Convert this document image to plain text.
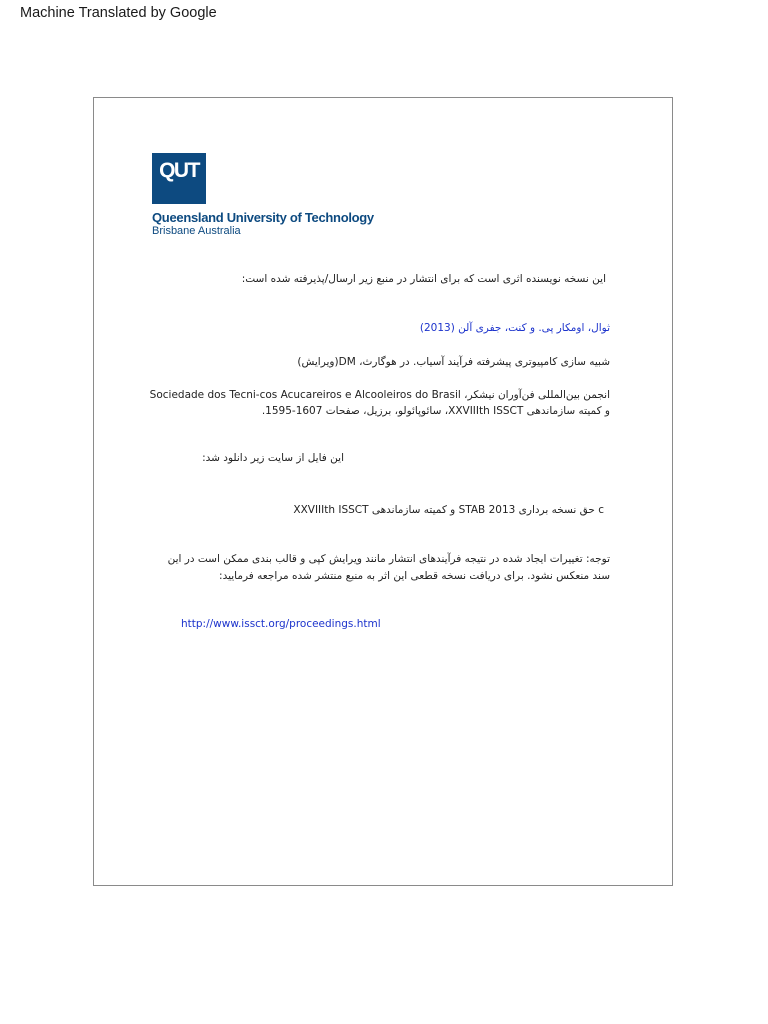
Machine Translated by Google
QUT
Queensland University of Technology
Brisbane Australia
این نسخه نویسنده اثری است که برای انتشار در منبع زیر ارسال/پذیرفته شده است:
ثوال، اومکار پی. و کنت، جفری آلن (2013)
شبیه سازی کامپیوتری پیشرفته فرآیند آسیاب. در هوگارث، DM(ویرایش)
انجمن بین‌المللی فن‌آوران نیشکر، Sociedade dos Tecni-cos Acucareiros e Alcooleiros do Brasil
و کمیته سازماندهی XXVIIIth ISSCT، سائوپائولو، برزیل، صفحات 1607-1595.
این فایل از سایت زیر دانلود شد:
c حق نسخه برداری STAB 2013 و کمیته سازماندهی XXVIIIth ISSCT
توجه: تغییرات ایجاد شده در نتیجه فرآیندهای انتشار مانند ویرایش کپی و قالب بندی ممکن است در این
سند منعکس نشود. برای دریافت نسخه قطعی این اثر به منبع منتشر شده مراجعه فرمایید:
http://www.issct.org/proceedings.html
